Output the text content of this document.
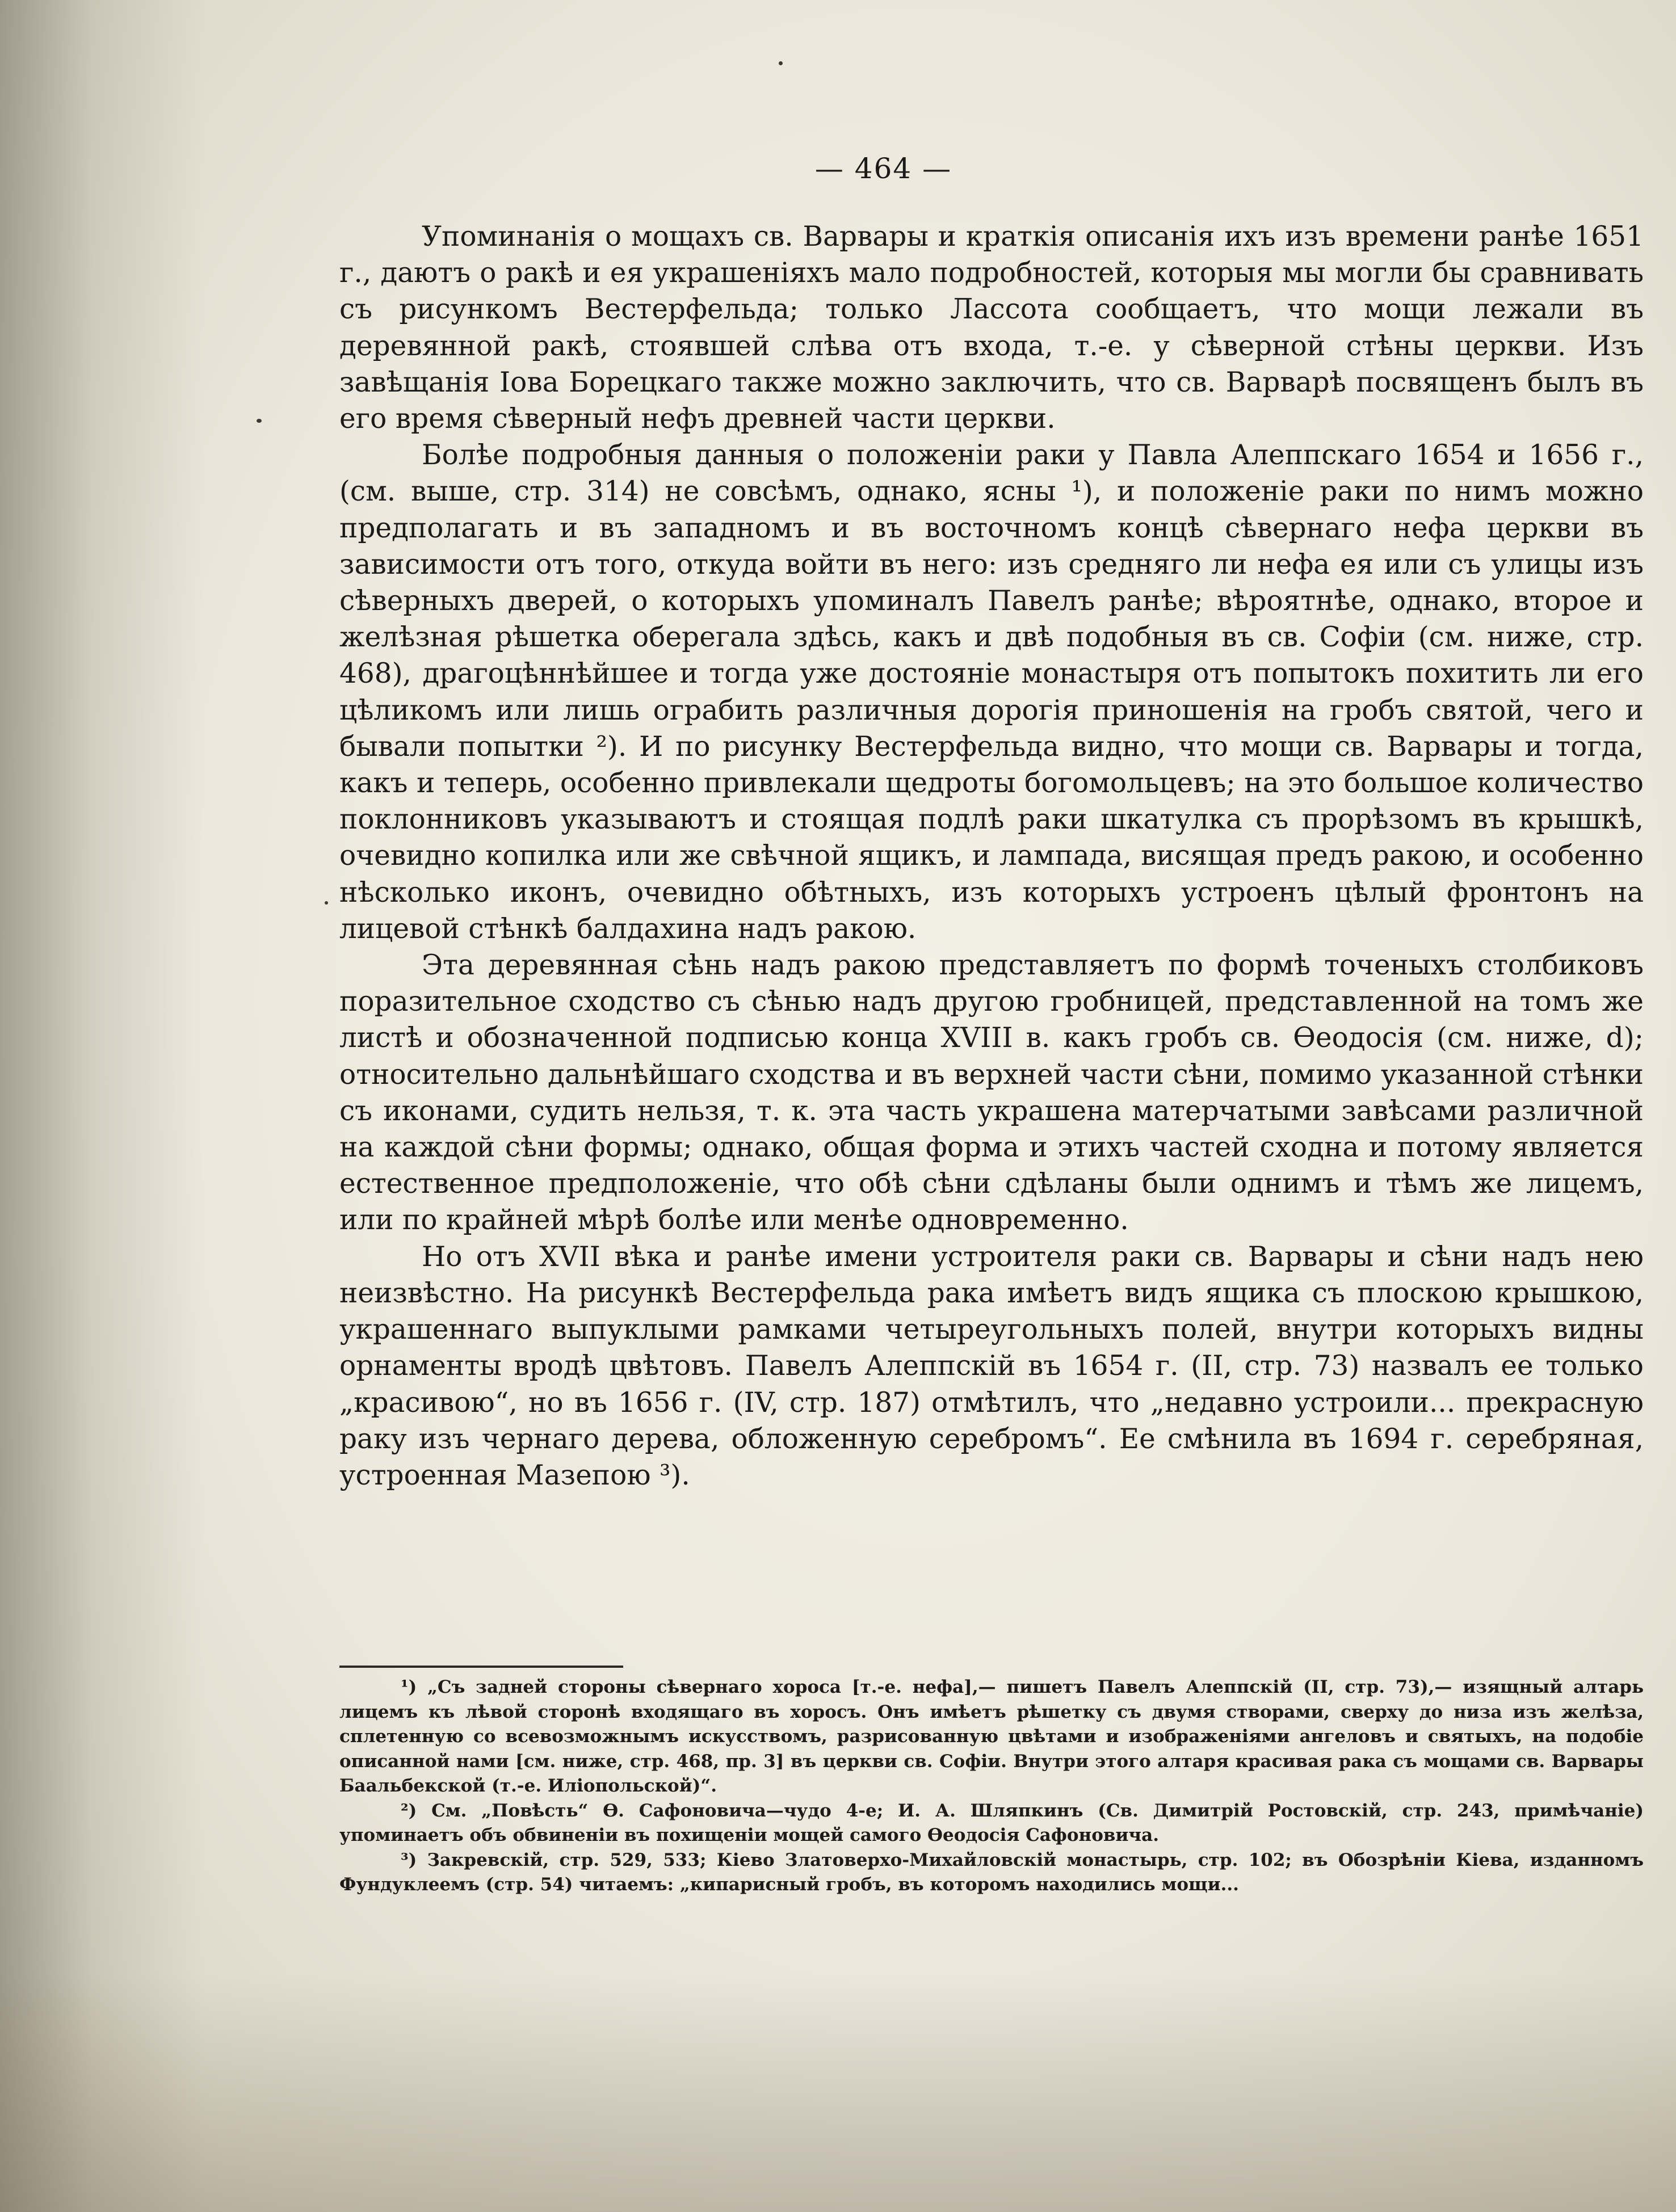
— 464 —

Упоминанія о мощахъ св. Варвары и краткія описанія ихъ изъ времени ранѣе 1651 г., даютъ о ракѣ и ея украшеніяхъ мало подробностей, которыя мы могли бы сравнивать съ рисункомъ Вестерфельда; только Лассота сообщаетъ, что мощи лежали въ деревянной ракѣ, стоявшей слѣва отъ входа, т.-е. у сѣверной стѣны церкви. Изъ завѣщанія Іова Борецкаго также можно заключить, что св. Варварѣ посвященъ былъ въ его время сѣверный нефъ древней части церкви.

Болѣе подробныя данныя о положеніи раки у Павла Алеппскаго 1654 и 1656 г., (см. выше, стр. 314) не совсѣмъ, однако, ясны ¹), и положеніе раки по нимъ можно предполагать и въ западномъ и въ восточномъ концѣ сѣвернаго нефа церкви въ зависимости отъ того, откуда войти въ него: изъ средняго ли нефа ея или съ улицы изъ сѣверныхъ дверей, о которыхъ упоминалъ Павелъ ранѣе; вѣроятнѣе, однако, второе и желѣзная рѣшетка оберегала здѣсь, какъ и двѣ подобныя въ св. Софіи (см. ниже, стр. 468), драгоцѣннѣйшее и тогда уже достояніе монастыря отъ попытокъ похитить ли его цѣликомъ или лишь ограбить различныя дорогія приношенія на гробъ святой, чего и бывали попытки ²). И по рисунку Вестерфельда видно, что мощи св. Варвары и тогда, какъ и теперь, особенно привлекали щедроты богомольцевъ; на это большое количество поклонниковъ указываютъ и стоящая подлѣ раки шкатулка съ прорѣзомъ въ крышкѣ, очевидно копилка или же свѣчной ящикъ, и лампада, висящая предъ ракою, и особенно нѣсколько иконъ, очевидно обѣтныхъ, изъ которыхъ устроенъ цѣлый фронтонъ на лицевой стѣнкѣ балдахина надъ ракою.

Эта деревянная сѣнь надъ ракою представляетъ по формѣ точеныхъ столбиковъ поразительное сходство съ сѣнью надъ другою гробницей, представленной на томъ же листѣ и обозначенной подписью конца XVIII в. какъ гробъ св. Ѳеодосія (см. ниже, d); относительно дальнѣйшаго сходства и въ верхней части сѣни, помимо указанной стѣнки съ иконами, судить нельзя, т. к. эта часть украшена матерчатыми завѣсами различной на каждой сѣни формы; однако, общая форма и этихъ частей сходна и потому является естественное предположеніе, что обѣ сѣни сдѣланы были однимъ и тѣмъ же лицемъ, или по крайней мѣрѣ болѣе или менѣе одновременно.

Но отъ XVII вѣка и ранѣе имени устроителя раки св. Варвары и сѣни надъ нею неизвѣстно. На рисункѣ Вестерфельда рака имѣетъ видъ ящика съ плоскою крышкою, украшеннаго выпуклыми рамками четыреугольныхъ полей, внутри которыхъ видны орнаменты вродѣ цвѣтовъ. Павелъ Алеппскій въ 1654 г. (II, стр. 73) назвалъ ее только „красивою“, но въ 1656 г. (IV, стр. 187) отмѣтилъ, что „недавно устроили... прекрасную раку изъ чернаго дерева, обложенную серебромъ“. Ее смѣнила въ 1694 г. серебряная, устроенная Мазепою ³).

¹) „Съ задней стороны сѣвернаго хороса [т.-е. нефа],— пишетъ Павелъ Алеппскій (II, стр. 73),— изящный алтарь лицемъ къ лѣвой сторонѣ входящаго въ хоросъ. Онъ имѣетъ рѣшетку съ двумя створами, сверху до низа изъ желѣза, сплетенную со всевозможнымъ искусствомъ, разрисованную цвѣтами и изображеніями ангеловъ и святыхъ, на подобіе описанной нами [см. ниже, стр. 468, пр. 3] въ церкви св. Софіи. Внутри этого алтаря красивая рака съ мощами св. Варвары Баальбекской (т.-е. Иліопольской)“.

²) См. „Повѣсть“ Ѳ. Сафоновича—чудо 4-е; И. А. Шляпкинъ (Св. Димитрій Ростовскій, стр. 243, примѣчаніе) упоминаетъ объ обвиненіи въ похищеніи мощей самого Ѳеодосія Сафоновича.

³) Закревскій, стр. 529, 533; Кіево Златоверхо-Михайловскій монастырь, стр. 102; въ Обозрѣніи Кіева, изданномъ Фундуклеемъ (стр. 54) читаемъ: „кипарисный гробъ, въ которомъ находились мощи...
